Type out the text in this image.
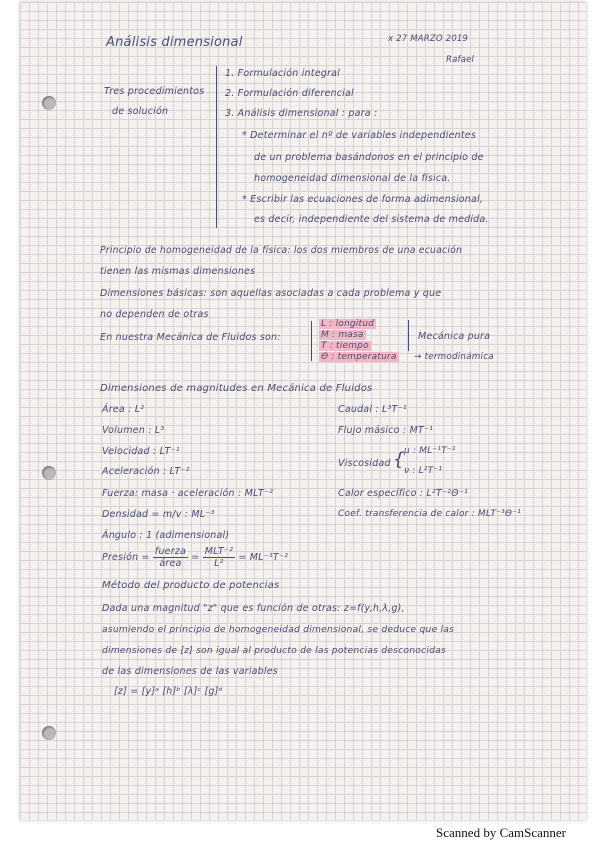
Análisis dimensional	x 27 MARZO 2019
Rafael
Tres procedimientos
de solución
1. Formulación integral
2. Formulación diferencial
3. Análisis dimensional : para :
* Determinar el nº de variables independientes
de un problema basándonos en el principio de
homogeneidad dimensional de la física.
* Escribir las ecuaciones de forma adimensional,
es decir, independiente del sistema de medida.
Principio de homogeneidad de la física: los dos miembros de una ecuación
tienen las mismas dimensiones
Dimensiones básicas: son aquellas asociadas a cada problema y que
no dependen de otras
En nuestra Mecánica de Fluidos son:
L : longitud
M : masa
T : tiempo
Θ : temperatura
Mecánica pura
→ termodinámica
Dimensiones de magnitudes en Mecánica de Fluidos
Área : L²
Volumen : L³
Velocidad : LT⁻¹
Aceleración : LT⁻²
Fuerza: masa · aceleración : MLT⁻²
Densidad = m/v : ML⁻³
Ángulo : 1 (adimensional)
Presión = $\frac{\text{fuerza}}{\text{área}} = \frac{\text{MLT⁻²}}{\text{L²}} = ML^{-1}T^{-2}$
Caudal : L³T⁻¹
Flujo másico : MT⁻¹
Viscosidad { μ : ML⁻¹T⁻¹
ν : L²T⁻¹
Calor específico : L²T⁻²Θ⁻¹
Coef. transferencia de calor : MLT⁻³Θ⁻¹
Método del producto de potencias
Dada una magnitud "z" que es función de otras: z=f(y,h,λ,g),
asumiendo el principio de homogeneidad dimensional, se deduce que las
dimensiones de [z] son igual al producto de las potencias desconocidas
de las dimensiones de las variables
[z] = [y]ᵃ [h]ᵇ [λ]ᶜ [g]ᵈ
Scanned by CamScanner
